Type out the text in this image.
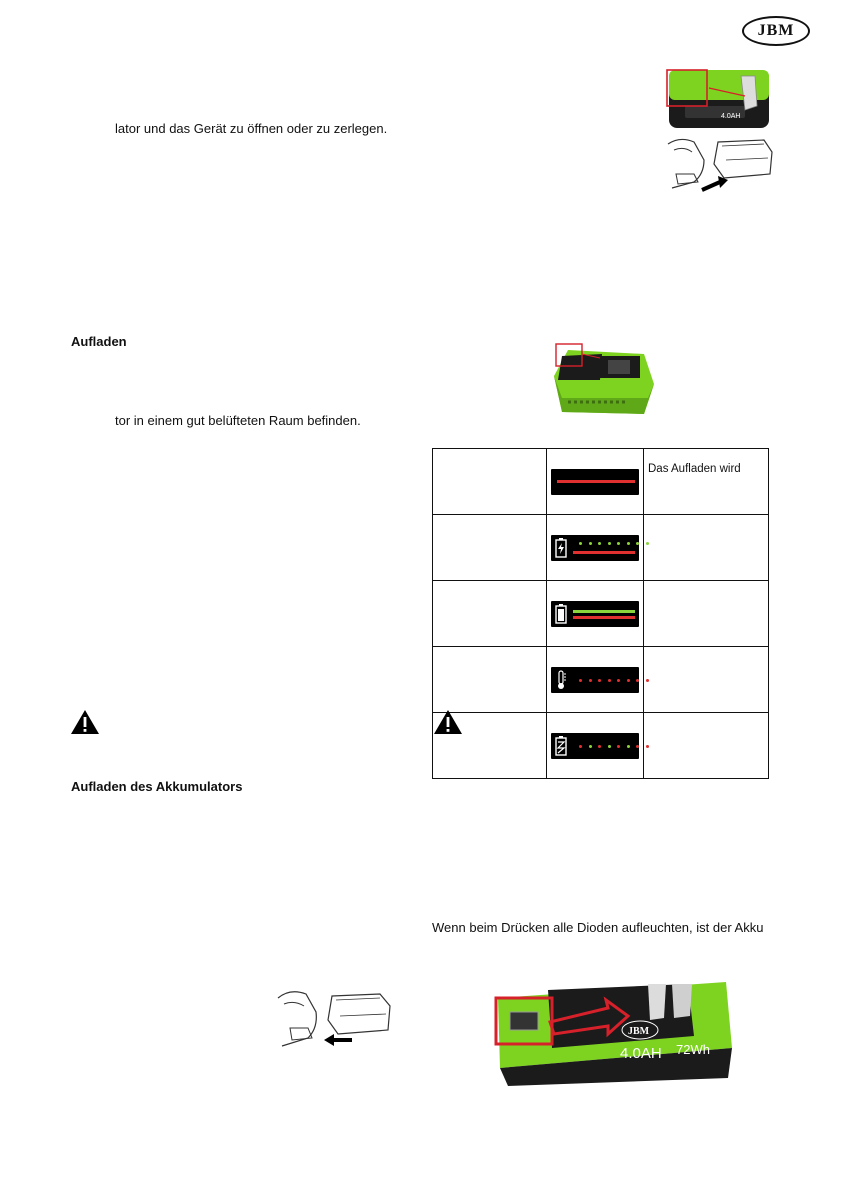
JBM
4.0AH
lator und das Gerät zu öffnen oder zu zerlegen.
Aufladen
tor in einem gut belüfteten Raum befinden.

	Das Aufladen wird

Aufladen des Akkumulators
Wenn beim Drücken alle Dioden aufleuchten, ist der Akku
JBM
4.0AH 72Wh
